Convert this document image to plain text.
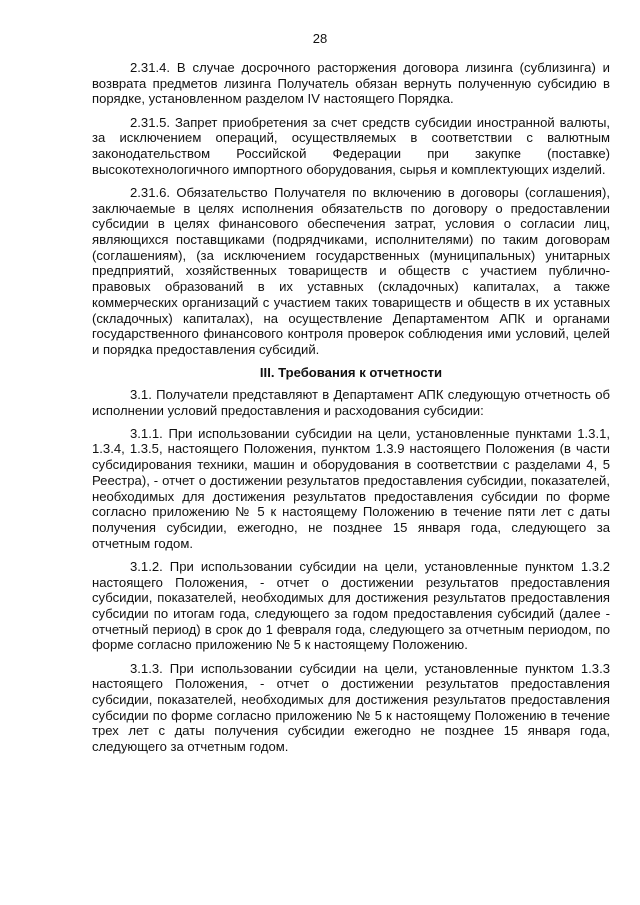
28

2.31.4. В случае досрочного расторжения договора лизинга (сублизинга) и возврата предметов лизинга Получатель обязан вернуть полученную субсидию в порядке, установленном разделом IV настоящего Порядка.

2.31.5. Запрет приобретения за счет средств субсидии иностранной валюты, за исключением операций, осуществляемых в соответствии с валютным законодательством Российской Федерации при закупке (поставке) высокотехнологичного импортного оборудования, сырья и комплектующих изделий.

2.31.6. Обязательство Получателя по включению в договоры (соглашения), заключаемые в целях исполнения обязательств по договору о предоставлении субсидии в целях финансового обеспечения затрат, условия о согласии лиц, являющихся поставщиками (подрядчиками, исполнителями) по таким договорам (соглашениям), (за исключением государственных (муниципальных) унитарных предприятий, хозяйственных товариществ и обществ с участием публично-правовых образований в их уставных (складочных) капиталах, а также коммерческих организаций с участием таких товариществ и обществ в их уставных (складочных) капиталах), на осуществление Департаментом АПК и органами государственного финансового контроля проверок соблюдения ими условий, целей и порядка предоставления субсидий.

III. Требования к отчетности

3.1. Получатели представляют в Департамент АПК следующую отчетность об исполнении условий предоставления и расходования субсидии:

3.1.1. При использовании субсидии на цели, установленные пунктами 1.3.1, 1.3.4, 1.3.5, настоящего Положения, пунктом 1.3.9 настоящего Положения (в части субсидирования техники, машин и оборудования в соответствии с разделами 4, 5 Реестра), - отчет о достижении результатов предоставления субсидии, показателей, необходимых для достижения результатов предоставления субсидии по форме согласно приложению № 5 к настоящему Положению в течение пяти лет с даты получения субсидии, ежегодно, не позднее 15 января года, следующего за отчетным годом.

3.1.2. При использовании субсидии на цели, установленные пунктом 1.3.2 настоящего Положения, - отчет о достижении результатов предоставления субсидии, показателей, необходимых для достижения результатов предоставления субсидии по итогам года, следующего за годом предоставления субсидий (далее - отчетный период) в срок до 1 февраля года, следующего за отчетным периодом, по форме согласно приложению № 5 к настоящему Положению.

3.1.3. При использовании субсидии на цели, установленные пунктом 1.3.3 настоящего Положения, - отчет о достижении результатов предоставления субсидии, показателей, необходимых для достижения результатов предоставления субсидии по форме согласно приложению № 5 к настоящему Положению в течение трех лет с даты получения субсидии ежегодно не позднее 15 января года, следующего за отчетным годом.
